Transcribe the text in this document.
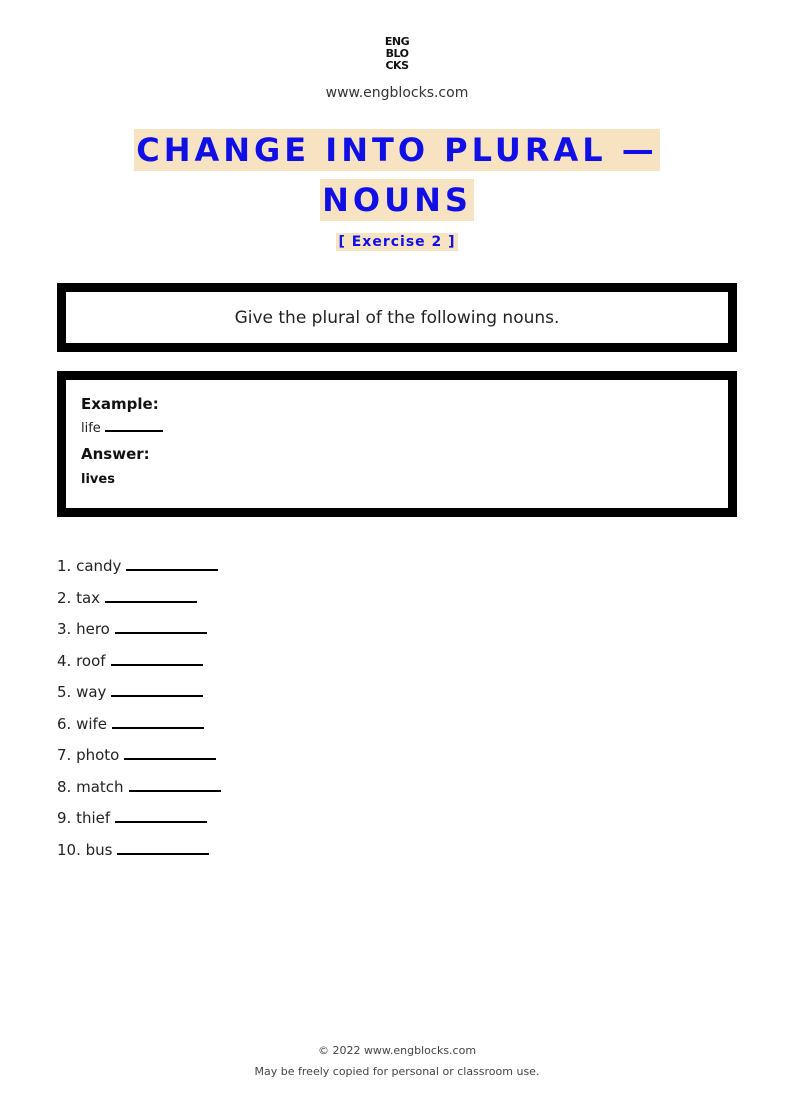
ENG
BLO
CKS
www.engblocks.com
CHANGE INTO PLURAL —
NOUNS
[ Exercise 2 ]
Give the plural of the following nouns.
Example:
life
Answer:
lives
1. candy
2. tax
3. hero
4. roof
5. way
6. wife
7. photo
8. match
9. thief
10. bus
© 2022 www.engblocks.com
May be freely copied for personal or classroom use.
